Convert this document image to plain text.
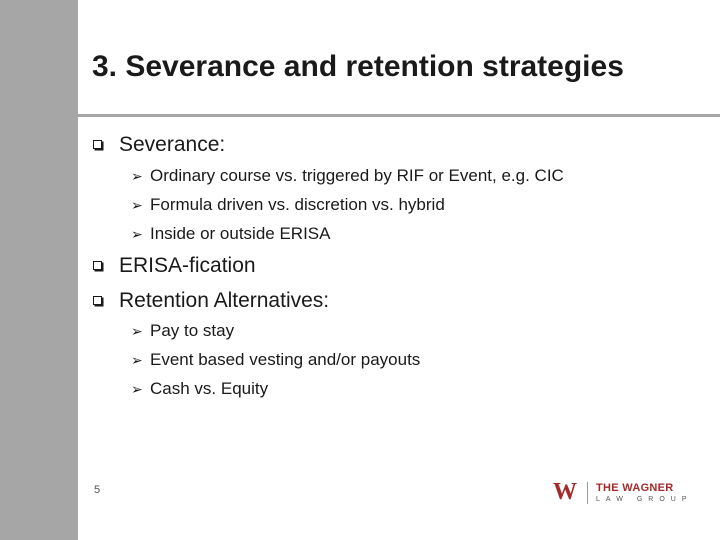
3. Severance and retention strategies
Severance:
➢ Ordinary course vs. triggered by RIF or Event, e.g. CIC
➢ Formula driven vs. discretion vs. hybrid
➢ Inside or outside ERISA
ERISA-fication
Retention Alternatives:
➢ Pay to stay
➢ Event based vesting and/or payouts
➢ Cash vs. Equity
5	W THE WAGNER
LAW GROUP
